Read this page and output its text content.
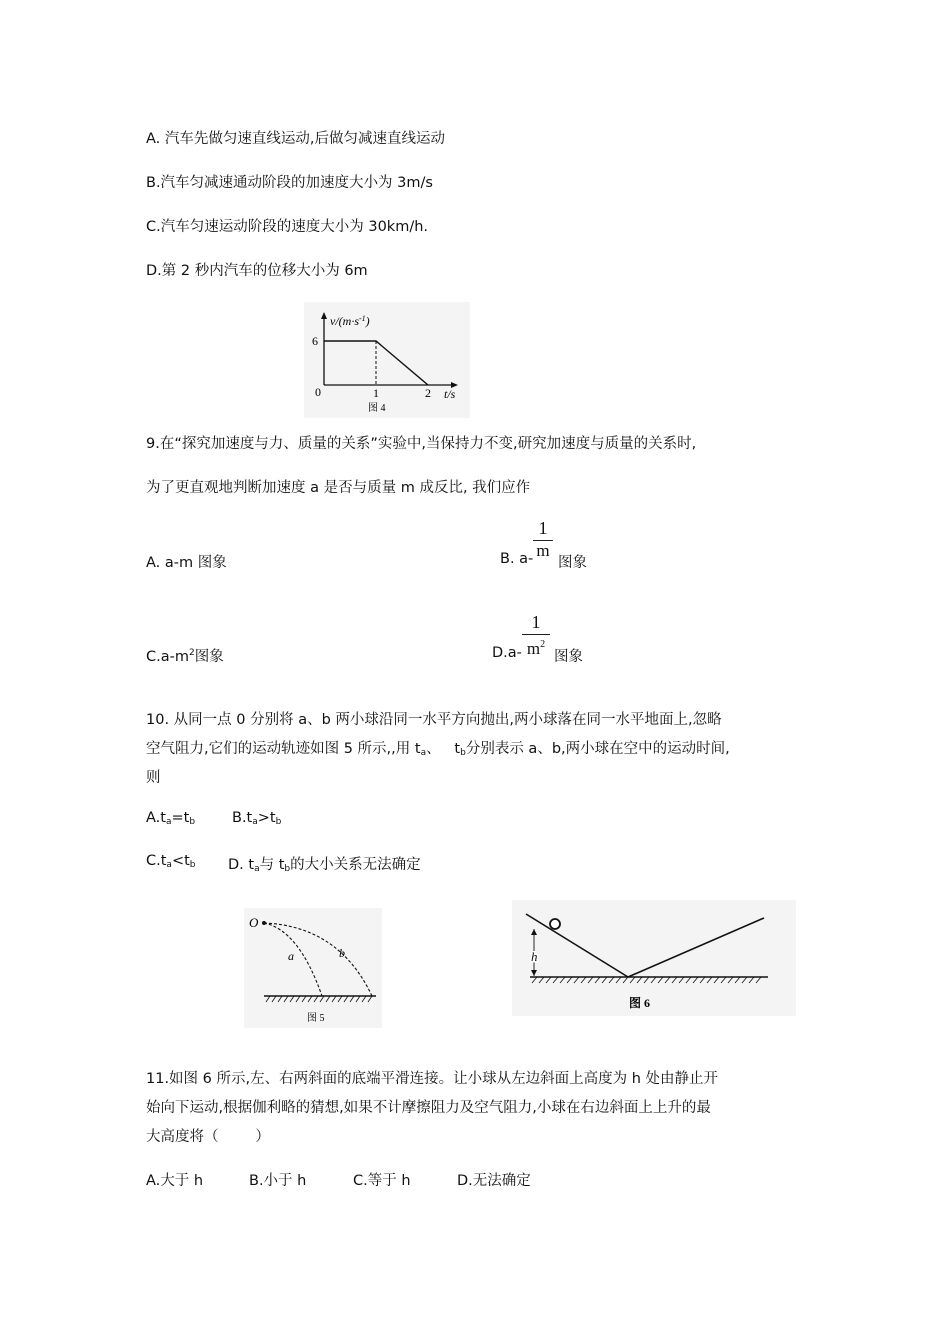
A. 汽车先做匀速直线运动,后做匀减速直线运动
B.汽车匀减速通动阶段的加速度大小为 3m/s
C.汽车匀速运动阶段的速度大小为 30km/h.
D.第 2 秒内汽车的位移大小为 6m
$v/(m\cdot s^{-1})$
6
0	1	2 t/s
图 4
9.在“探究加速度与力、质量的关系”实验中,当保持力不变,研究加速度与质量的关系时,
为了更直观地判断加速度 a 是否与质量 m 成反比, 我们应作
A. a-m 图象	B. a-
1
m
图象
$C.a-m^2$图象	D.a-
1
$m^2$
图象
10. 从同一点 0 分别将 a、b 两小球沿同一水平方向抛出,两小球落在同一水平地面上,忽略
空气阻力,它们的运动轨迹如图 5 所示,,用 $t_a$、   $t_b$分别表示 a、b,两小球在空中的运动时间,
则
$A.t_a=t_b$	$B.t_a>t_b$
$C.t_a<t_b$ D. $t_a$与 $t_b$的大小关系无法确定
O
a	b
图 5
h
图 6
11.如图 6 所示,左、右两斜面的底端平滑连接。让小球从左边斜面上高度为 h 处由静止开
始向下运动,根据伽利略的猜想,如果不计摩擦阻力及空气阻力,小球在右边斜面上上升的最
大高度将（        ）
A.大于 h	B.小于 h	C.等于 h	D.无法确定
